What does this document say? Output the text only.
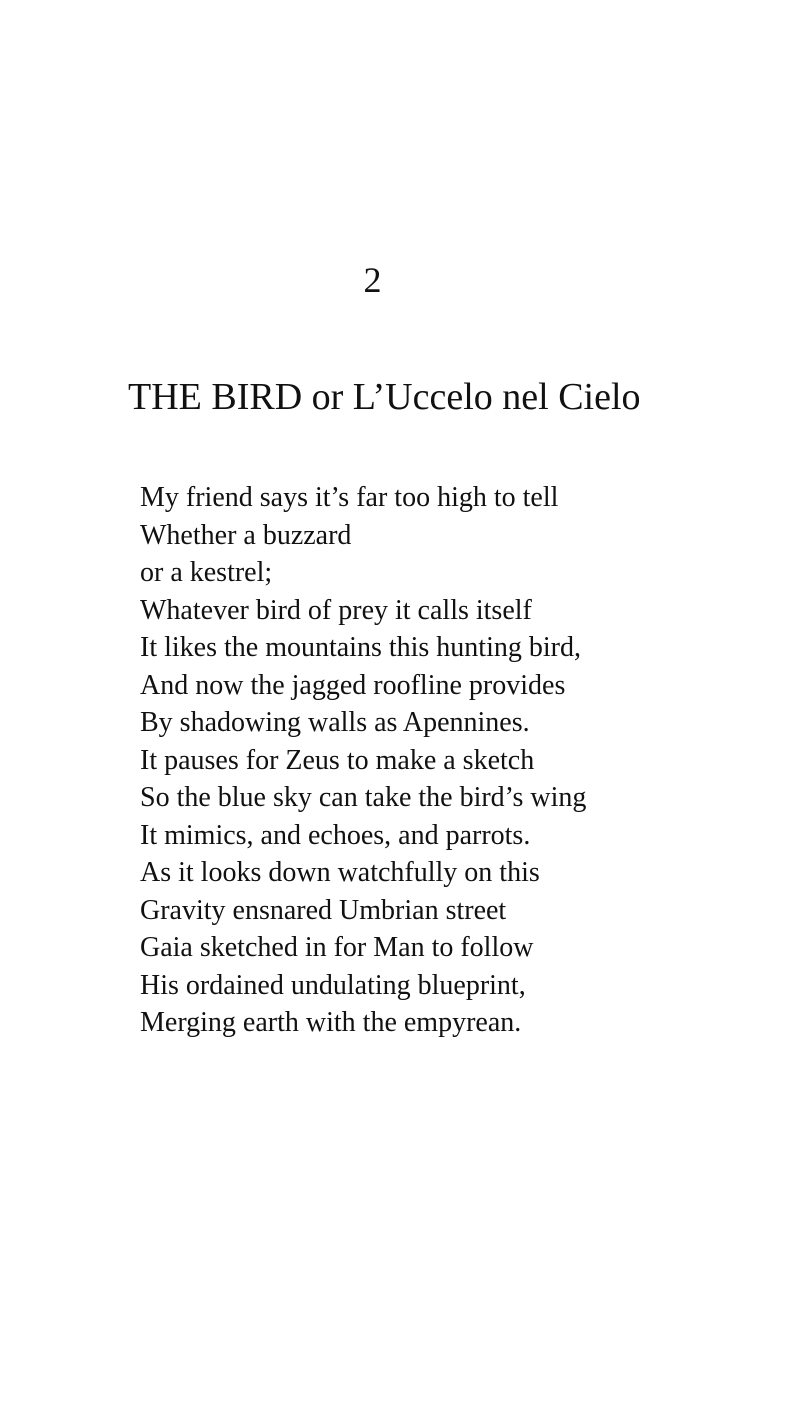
2
THE BIRD or L’Uccelo nel Cielo
My friend says it’s far too high to tell
Whether a buzzard
or a kestrel;
Whatever bird of prey it calls itself
It likes the mountains this hunting bird,
And now the jagged roofline provides
By shadowing walls as Apennines.
It pauses for Zeus to make a sketch
So the blue sky can take the bird’s wing
It mimics, and echoes, and parrots.
As it looks down watchfully on this
Gravity ensnared Umbrian street
Gaia sketched in for Man to follow
His ordained undulating blueprint,
Merging earth with the empyrean.
